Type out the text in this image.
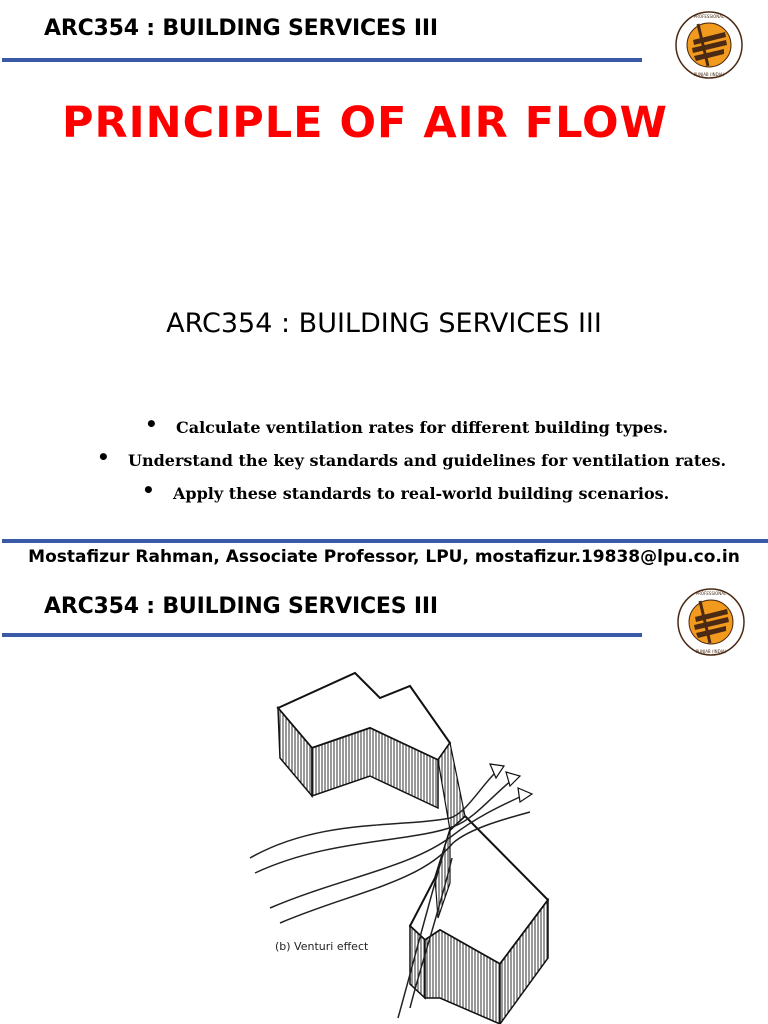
ARC354 : BUILDING SERVICES III	PROFESSIONAL
PUNJAB (INDIA)
PRINCIPLE OF AIR FLOW
ARC354 : BUILDING SERVICES III
• Calculate ventilation rates for different building types.
• Understand the key standards and guidelines for ventilation rates.
• Apply these standards to real-world building scenarios.
Mostafizur Rahman, Associate Professor, LPU, mostafizur.19838@lpu.co.in
ARC354 : BUILDING SERVICES III
PROFESSIONAL
PUNJAB (INDIA)
(b) Venturi effect
